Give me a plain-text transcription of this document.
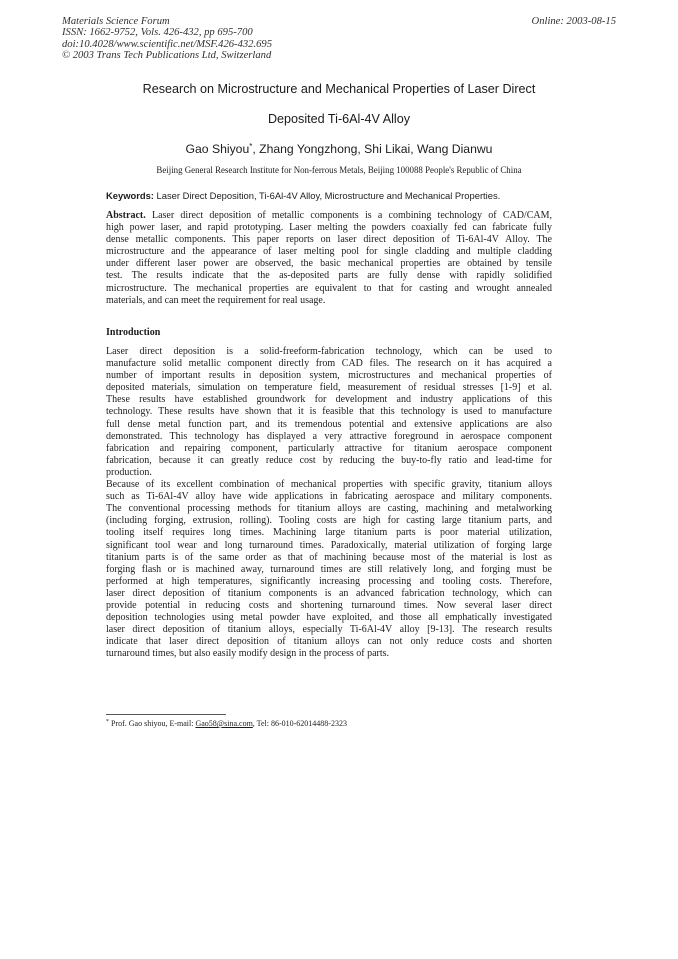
Materials Science Forum
ISSN: 1662-9752, Vols. 426-432, pp 695-700
doi:10.4028/www.scientific.net/MSF.426-432.695
© 2003 Trans Tech Publications Ltd, Switzerland
Online: 2003-08-15
Research on Microstructure and Mechanical Properties of Laser Direct
Deposited Ti-6Al-4V Alloy
Gao Shiyou*, Zhang Yongzhong, Shi Likai, Wang Dianwu
Beijing General Research Institute for Non-ferrous Metals, Beijing 100088 People's Republic of China
Keywords: Laser Direct Deposition, Ti-6Al-4V Alloy, Microstructure and Mechanical Properties.
Abstract. Laser direct deposition of metallic components is a combining technology of CAD/CAM,
high power laser, and rapid prototyping. Laser melting the powders coaxially fed can fabricate fully
dense metallic components. This paper reports on laser direct deposition of Ti-6Al-4V Alloy. The
microstructure and the appearance of laser melting pool for single cladding and multiple cladding
under different laser power are observed, the basic mechanical properties are obtained by tensile
test. The results indicate that the as-deposited parts are fully dense with rapidly solidified
microstructure. The mechanical properties are equivalent to that for casting and wrought annealed
materials, and can meet the requirement for real usage.
Introduction
Laser direct deposition is a solid-freeform-fabrication technology, which can be used to
manufacture solid metallic component directly from CAD files. The research on it has acquired a
number of important results in deposition system, microstructures and mechanical properties of
deposited materials, simulation on temperature field, measurement of residual stresses [1-9] et al.
These results have established groundwork for development and industry applications of this
technology. These results have shown that it is feasible that this technology is used to manufacture
full dense metal function part, and its tremendous potential and extensive applications are also
demonstrated. This technology has displayed a very attractive foreground in aerospace component
fabrication and repairing component, particularly attractive for titanium aerospace component
fabrication, because it can greatly reduce cost by reducing the buy-to-fly ratio and lead-time for
production.
Because of its excellent combination of mechanical properties with specific gravity, titanium alloys
such as Ti-6Al-4V alloy have wide applications in fabricating aerospace and military components.
The conventional processing methods for titanium alloys are casting, machining and metalworking
(including forging, extrusion, rolling). Tooling costs are high for casting large titanium parts, and
tooling itself requires long times. Machining large titanium parts is poor material utilization,
significant tool wear and long turnaround times. Paradoxically, material utilization of forging large
titanium parts is of the same order as that of machining because most of the material is lost as
forging flash or is machined away, turnaround times are still relatively long, and forging must be
performed at high temperatures, significantly increasing processing and tooling costs. Therefore,
laser direct deposition of titanium components is an advanced fabrication technology, which can
provide potential in reducing costs and shortening turnaround times. Now several laser direct
deposition technologies using metal powder have exploited, and those all emphatically investigated
laser direct deposition of titanium alloys, especially Ti-6Al-4V alloy [9-13]. The research results
indicate that laser direct deposition of titanium alloys can not only reduce costs and shorten
turnaround times, but also easily modify design in the process of parts.
* Prof. Gao shiyou, E-mail: Gao58@sina.com, Tel: 86-010-62014488-2323
